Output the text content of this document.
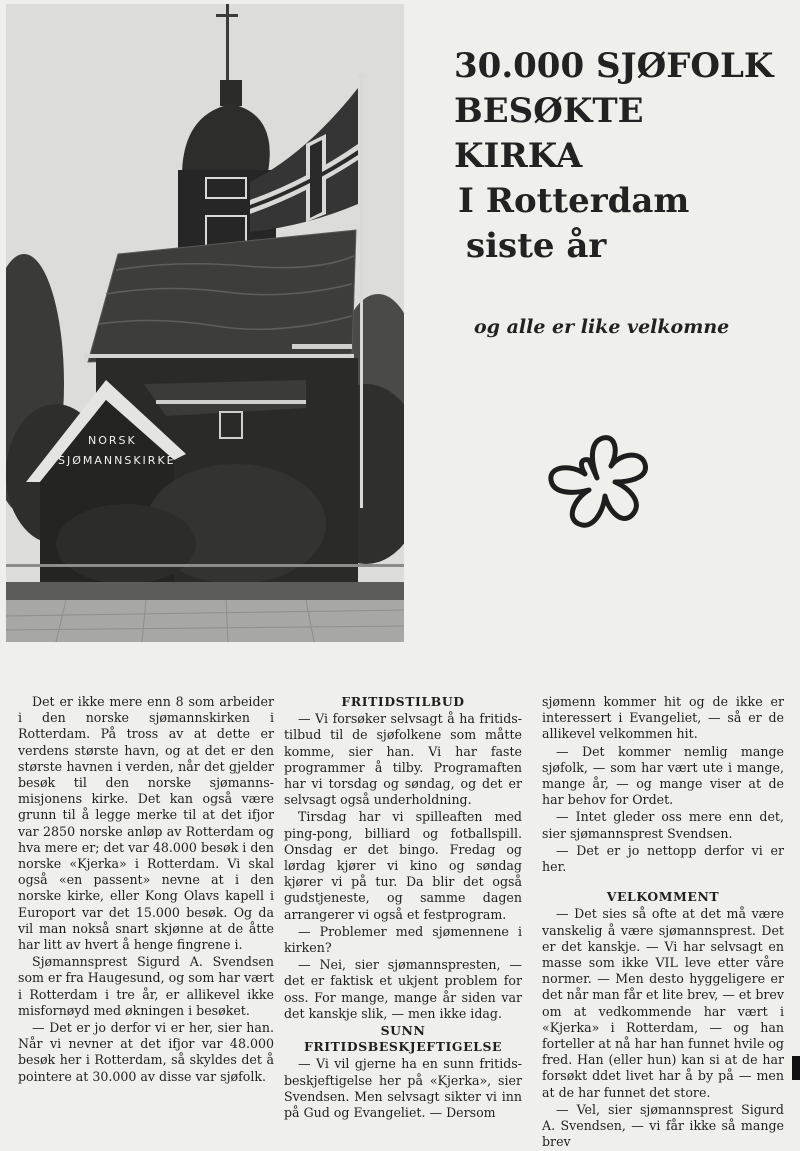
NORSK
SJØMANNSKIRKE
30.000 SJØFOLK
BESØKTE
KIRKA
I Rotterdam
siste år
og alle er like velkomne

Det er ikke mere enn 8 som arbeider i den norske sjømannskirken i Rotterdam. På tross av at dette er verdens største havn, og at det er den største havnen i verden, når det gjelder besøk til den norske sjømanns-misjonens kirke. Det kan også være grunn til å legge merke til at det ifjor var 2850 norske anløp av Rotterdam og hva mere er; det var 48.000 besøk i den norske «Kjerka» i Rotterdam. Vi skal også «en passent» nevne at i den norske kirke, eller Kong Olavs kapell i Europort var det 15.000 besøk. Og da vil man nokså snart skjønne at de åtte har litt av hvert å henge fingrene i.

Sjømannsprest Sigurd A. Svendsen som er fra Haugesund, og som har vært i Rotterdam i tre år, er allikevel ikke misfornøyd med økningen i besøket.

— Det er jo derfor vi er her, sier han. Når vi nevner at det ifjor var 48.000 besøk her i Rotterdam, så skyldes det å pointere at 30.000 av disse var sjøfolk.

FRITIDSTILBUD

— Vi forsøker selvsagt å ha fritids-tilbud til de sjøfolkene som måtte komme, sier han. Vi har faste programmer å tilby. Programaften har vi torsdag og søndag, og det er selvsagt også underholdning.

Tirsdag har vi spilleaften med ping-pong, billiard og fotballspill. Onsdag er det bingo. Fredag og lørdag kjører vi kino og søndag kjører vi på tur. Da blir det også gudstjeneste, og samme dagen arrangerer vi også et festprogram.

— Problemer med sjømennene i kirken?

— Nei, sier sjømannspresten, — det er faktisk et ukjent problem for oss. For mange, mange år siden var det kanskje slik, — men ikke idag.

SUNN FRITIDSBESKJEFTIGELSE

— Vi vil gjerne ha en sunn fritids-beskjeftigelse her på «Kjerka», sier Svendsen. Men selvsagt sikter vi inn på Gud og Evangeliet. — Dersom

sjømenn kommer hit og de ikke er interessert i Evangeliet, — så er de allikevel velkommen hit.

— Det kommer nemlig mange sjøfolk, — som har vært ute i mange, mange år, — og mange viser at de har behov for Ordet.

— Intet gleder oss mere enn det, sier sjømannsprest Svendsen.

— Det er jo nettopp derfor vi er her.

VELKOMMENT

— Det sies så ofte at det må være vanskelig å være sjømannsprest. Det er det kanskje. — Vi har selvsagt en masse som ikke VIL leve etter våre normer. — Men desto hyggeligere er det når man får et lite brev, — et brev om at vedkommende har vært i «Kjerka» i Rotterdam, — og han forteller at nå har han funnet hvile og fred. Han (eller hun) kan si at de har forsøkt ddet livet har å by på — men at de har funnet det store.

— Vel, sier sjømannsprest Sigurd A. Svendsen, — vi får ikke så mange brev
